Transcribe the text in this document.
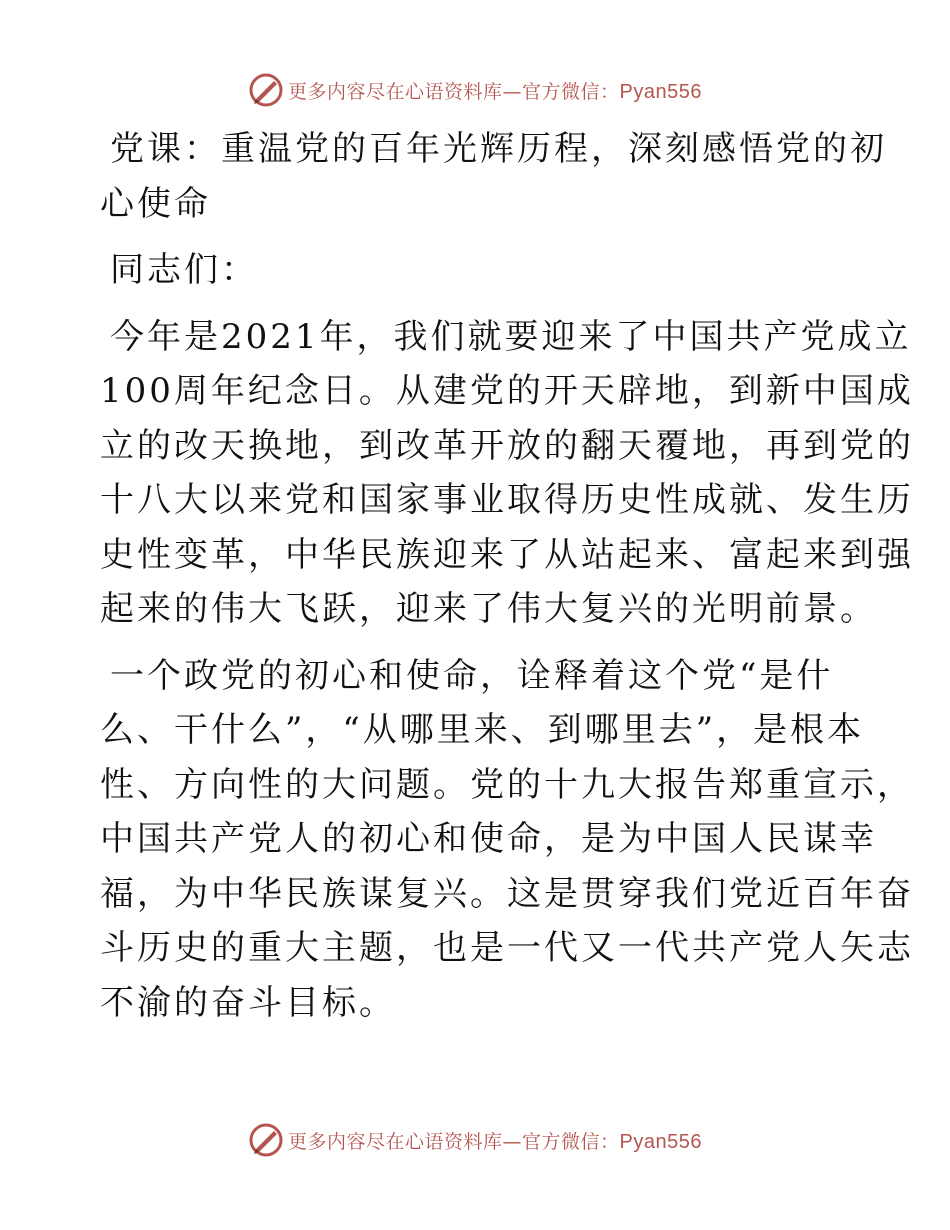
更多内容尽在心语资料库—官方微信：Pyan556

党课：重温党的百年光辉历程，深刻感悟党的初
心使命

同志们：

今年是2021年，我们就要迎来了中国共产党成立
100周年纪念日。从建党的开天辟地，到新中国成
立的改天换地，到改革开放的翻天覆地，再到党的
十八大以来党和国家事业取得历史性成就、发生历
史性变革，中华民族迎来了从站起来、富起来到强
起来的伟大飞跃，迎来了伟大复兴的光明前景。

一个政党的初心和使命，诠释着这个党“是什
么、干什么”，“从哪里来、到哪里去”，是根本
性、方向性的大问题。党的十九大报告郑重宣示，
中国共产党人的初心和使命，是为中国人民谋幸
福，为中华民族谋复兴。这是贯穿我们党近百年奋
斗历史的重大主题，也是一代又一代共产党人矢志
不渝的奋斗目标。

更多内容尽在心语资料库—官方微信：Pyan556
